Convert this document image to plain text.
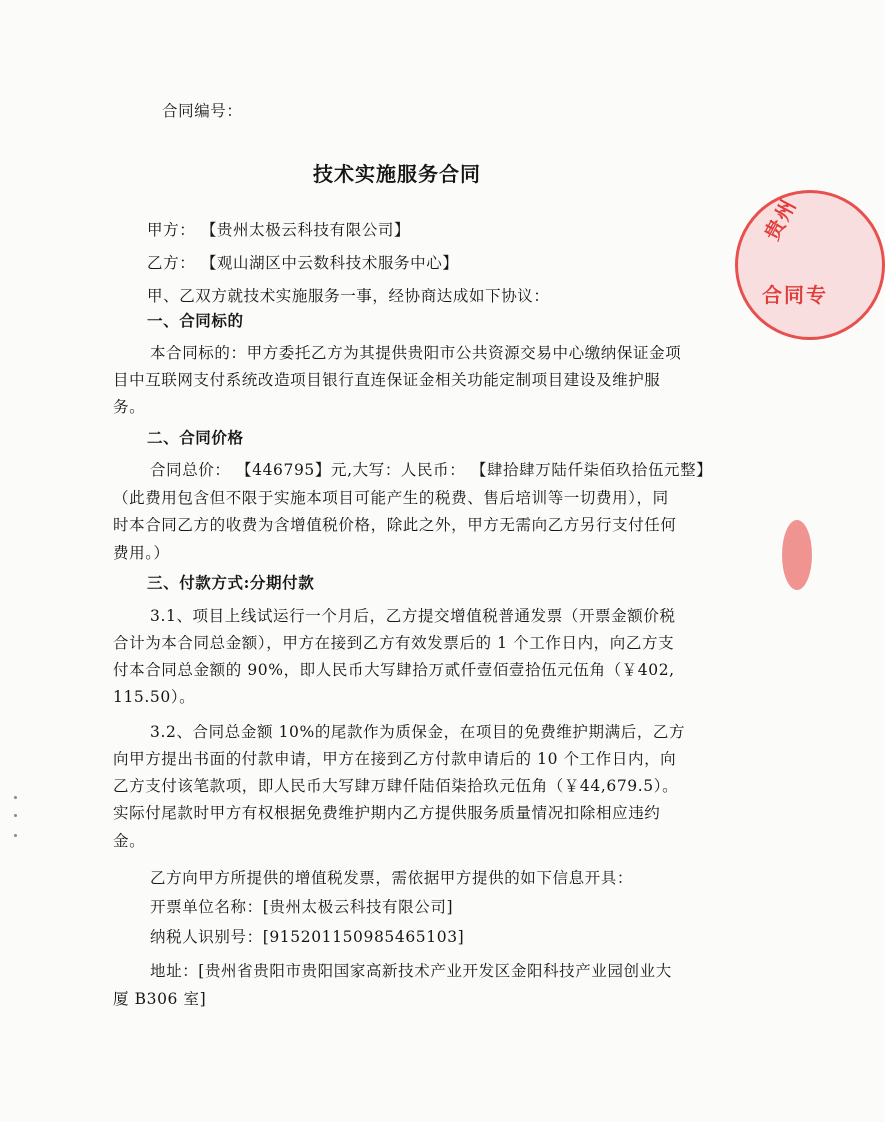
合同编号：
技术实施服务合同
甲方： 【贵州太极云科技有限公司】
乙方： 【观山湖区中云数科技术服务中心】
甲、乙双方就技术实施服务一事，经协商达成如下协议：
一、合同标的
本合同标的：甲方委托乙方为其提供贵阳市公共资源交易中心缴纳保证金项
目中互联网支付系统改造项目银行直连保证金相关功能定制项目建设及维护服
务。
二、合同价格
合同总价： 【446795】元,大写：人民币： 【肆拾肆万陆仟柒佰玖拾伍元整】
（此费用包含但不限于实施本项目可能产生的税费、售后培训等一切费用），同
时本合同乙方的收费为含增值税价格，除此之外，甲方无需向乙方另行支付任何
费用。）
三、付款方式:分期付款
3.1、项目上线试运行一个月后，乙方提交增值税普通发票（开票金额价税
合计为本合同总金额），甲方在接到乙方有效发票后的 1 个工作日内，向乙方支
付本合同总金额的 90%，即人民币大写肆拾万贰仟壹佰壹拾伍元伍角（￥402,
115.50）。
3.2、合同总金额 10%的尾款作为质保金，在项目的免费维护期满后，乙方
向甲方提出书面的付款申请，甲方在接到乙方付款申请后的 10 个工作日内，向
乙方支付该笔款项，即人民币大写肆万肆仟陆佰柒拾玖元伍角（￥44,679.5）。
实际付尾款时甲方有权根据免费维护期内乙方提供服务质量情况扣除相应违约
金。
乙方向甲方所提供的增值税发票，需依据甲方提供的如下信息开具：
开票单位名称：[贵州太极云科技有限公司]
纳税人识别号：[915201150985465103]
地址：[贵州省贵阳市贵阳国家高新技术产业开发区金阳科技产业园创业大
厦 B306 室]
贵州
合同专
